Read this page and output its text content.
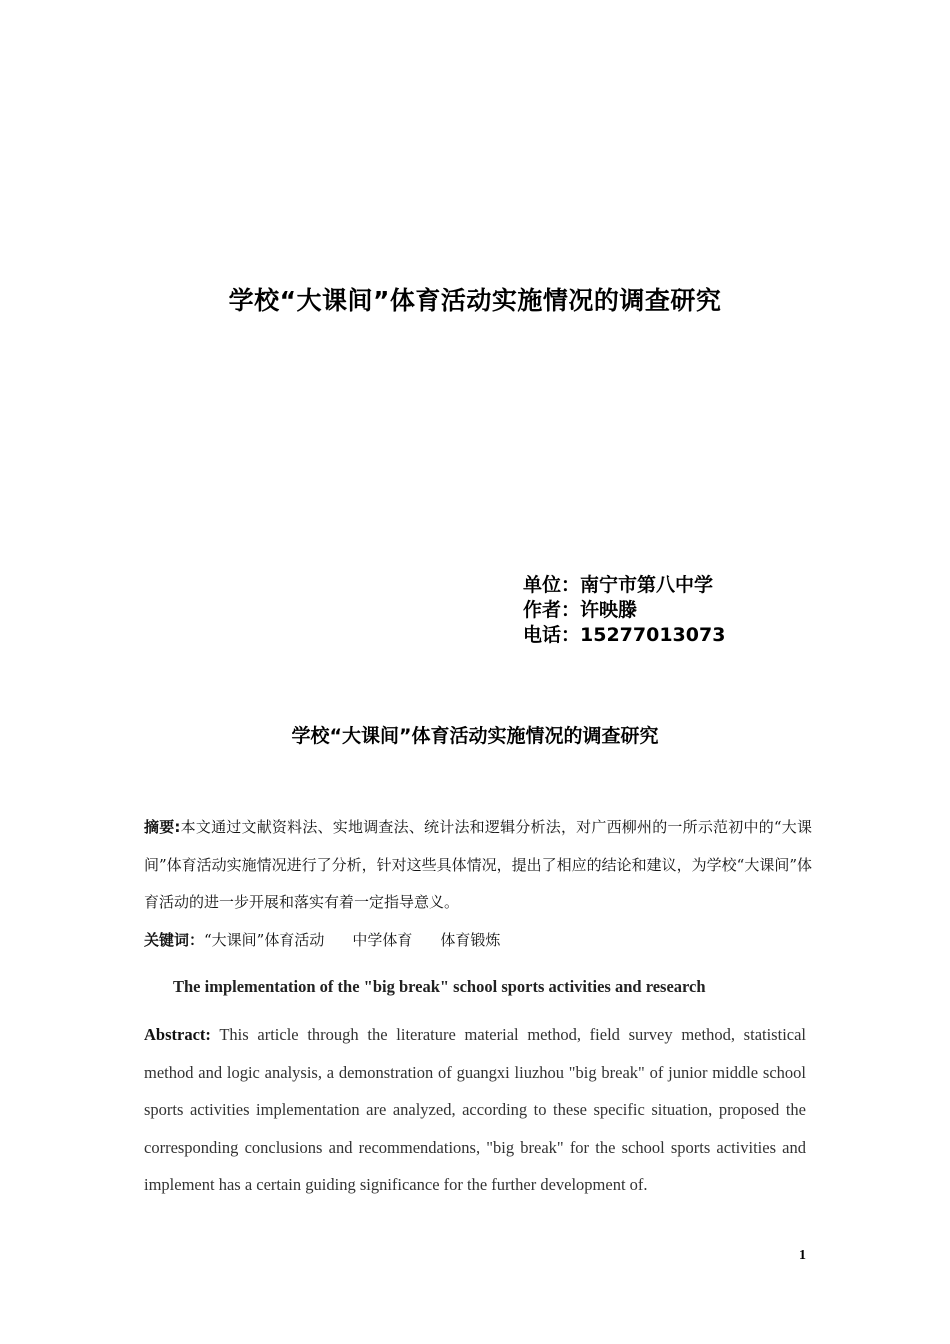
学校“大课间”体育活动实施情况的调查研究
单位：南宁市第八中学
作者：许映滕
电话：15277013073
学校“大课间”体育活动实施情况的调查研究
摘要:本文通过文献资料法、实地调查法、统计法和逻辑分析法，对广西柳州的一所示范初中的“大课间”体育活动实施情况进行了分析，针对这些具体情况，提出了相应的结论和建议，为学校“大课间”体育活动的进一步开展和落实有着一定指导意义。
关键词：“大课间”体育活动 中学体育 体育锻炼
The implementation of the "big break" school sports activities and research
Abstract: This article through the literature material method, field survey method, statistical method and logic analysis, a demonstration of guangxi liuzhou "big break" of junior middle school sports activities implementation are analyzed, according to these specific situation, proposed the corresponding conclusions and recommendations, "big break" for the school sports activities and implement has a certain guiding significance for the further development of.
1
